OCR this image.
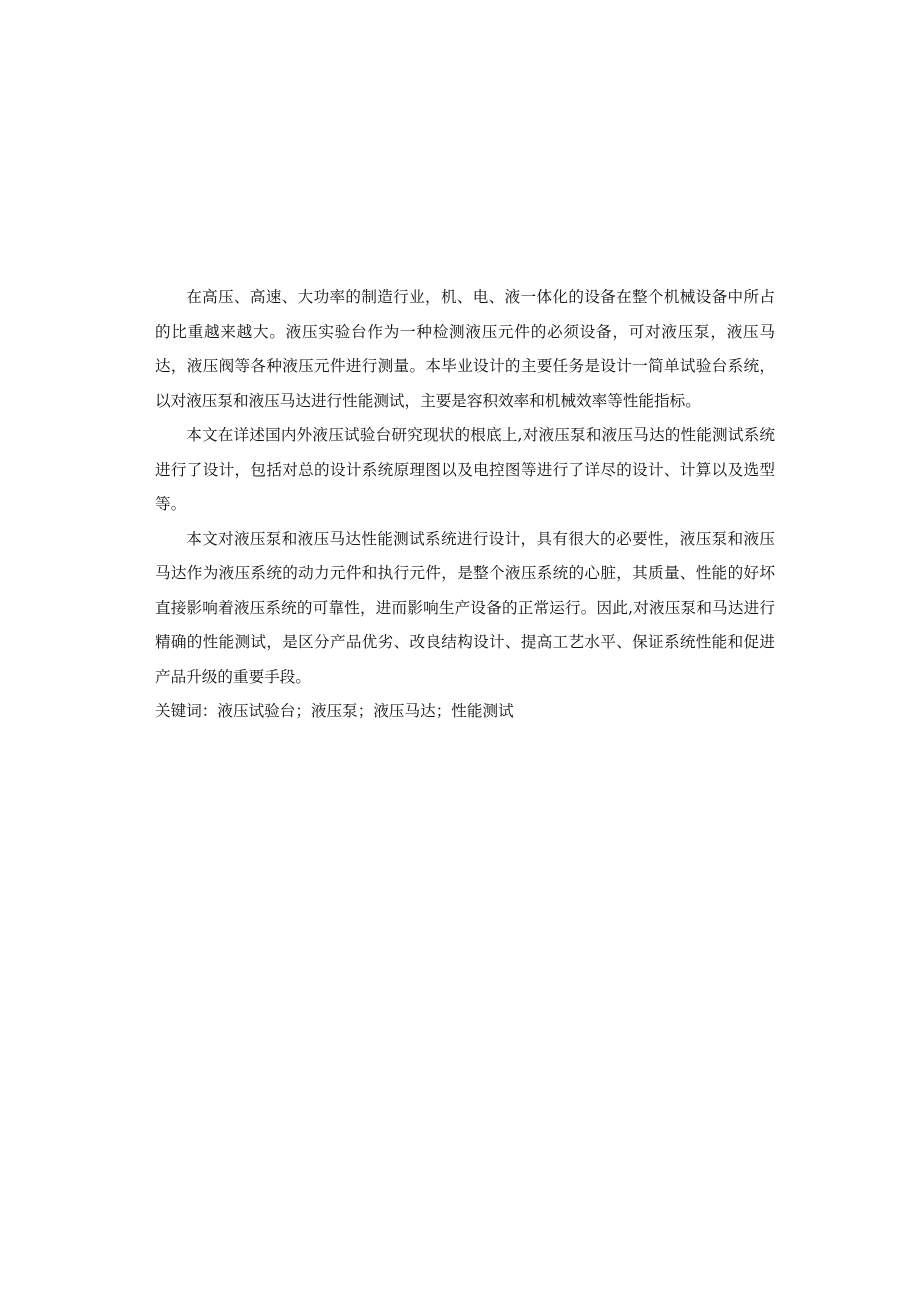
在高压、高速、大功率的制造行业，机、电、液一体化的设备在整个机械设备中所占的比重越来越大。液压实验台作为一种检测液压元件的必须设备，可对液压泵，液压马达，液压阀等各种液压元件进行测量。本毕业设计的主要任务是设计一简单试验台系统，以对液压泵和液压马达进行性能测试，主要是容积效率和机械效率等性能指标。

本文在详述国内外液压试验台研究现状的根底上,对液压泵和液压马达的性能测试系统进行了设计，包括对总的设计系统原理图以及电控图等进行了详尽的设计、计算以及选型等。

本文对液压泵和液压马达性能测试系统进行设计，具有很大的必要性，液压泵和液压马达作为液压系统的动力元件和执行元件，是整个液压系统的心脏，其质量、性能的好坏直接影响着液压系统的可靠性，进而影响生产设备的正常运行。因此,对液压泵和马达进行精确的性能测试，是区分产品优劣、改良结构设计、提高工艺水平、保证系统性能和促进产品升级的重要手段。

关键词：液压试验台；液压泵；液压马达；性能测试
